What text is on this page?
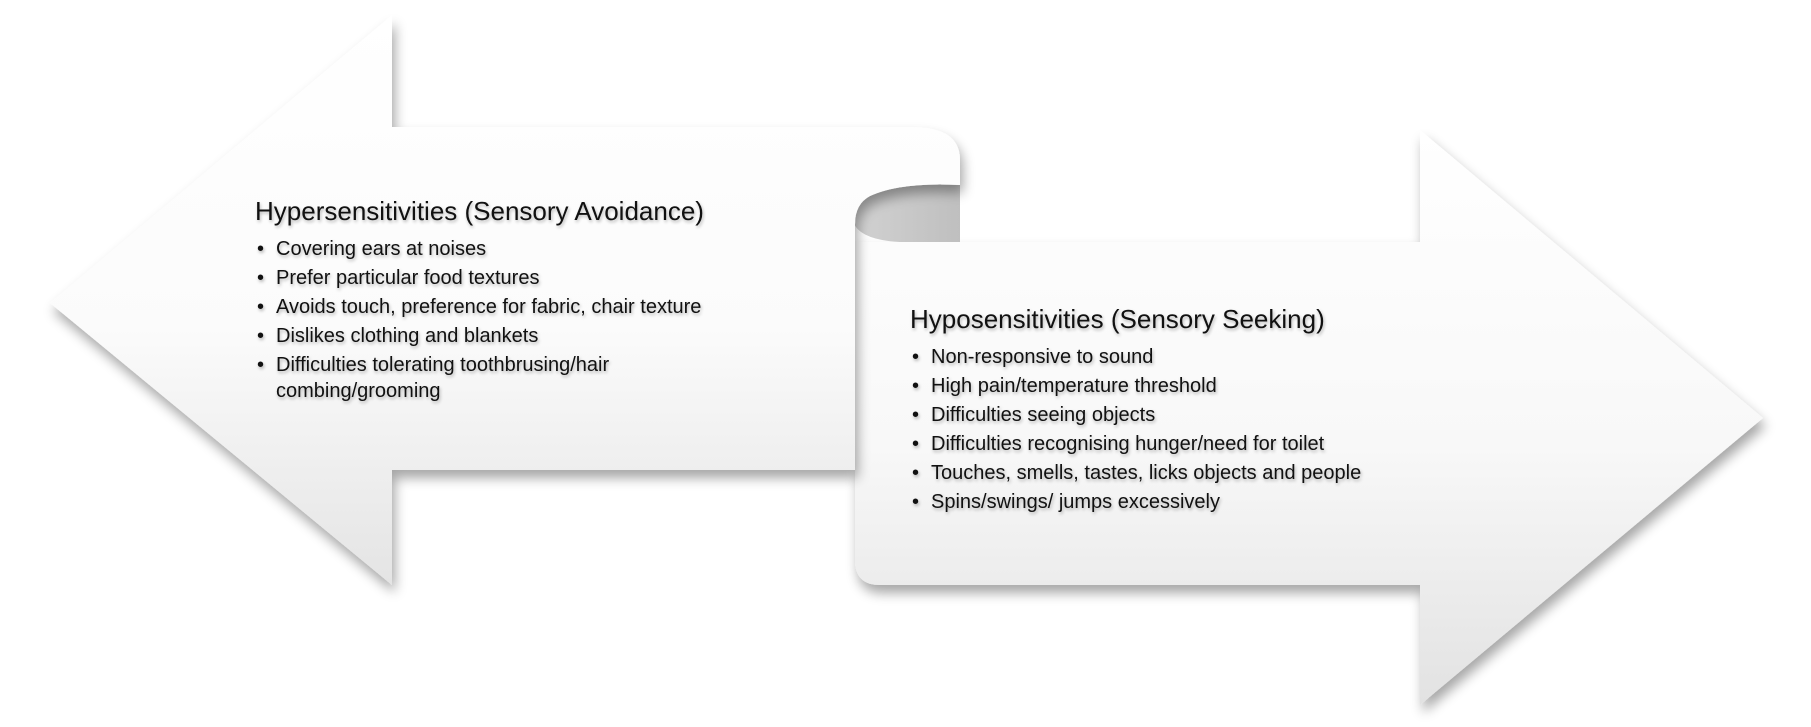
Hypersensitivities (Sensory Avoidance)
• Covering ears at noises
• Prefer particular food textures
• Avoids touch, preference for fabric, chair texture
• Dislikes clothing and blankets
• Difficulties tolerating toothbrusing/hair combing/grooming
Hyposensitivities (Sensory Seeking)
• Non-responsive to sound
• High pain/temperature threshold
• Difficulties seeing objects
• Difficulties recognising hunger/need for toilet
• Touches, smells, tastes, licks objects and people
• Spins/swings/ jumps excessively
